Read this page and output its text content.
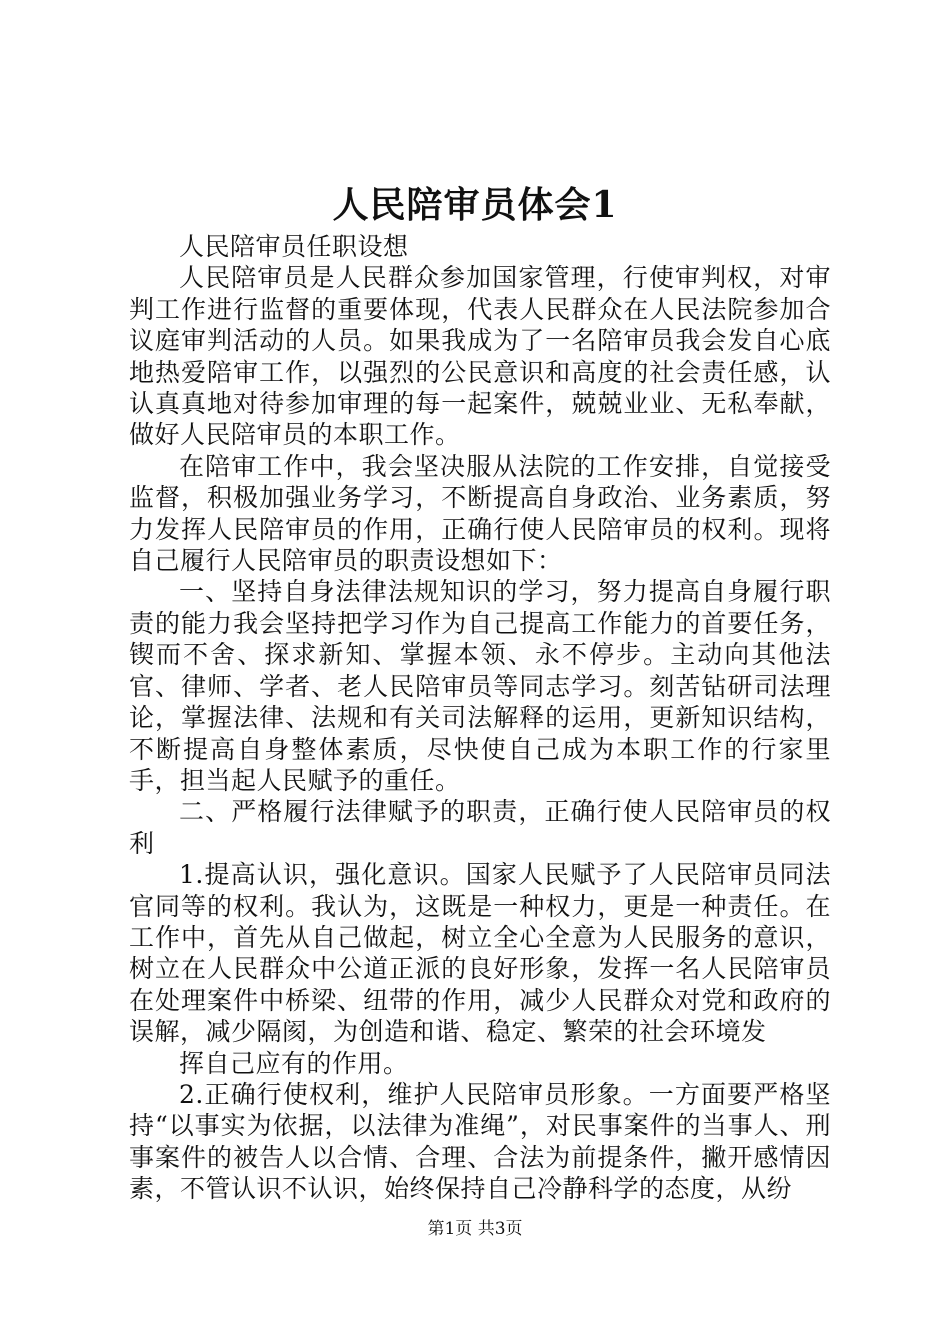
人民陪审员体会1

人民陪审员任职设想

人民陪审员是人民群众参加国家管理，行使审判权，对审判工作进行监督的重要体现，代表人民群众在人民法院参加合议庭审判活动的人员。如果我成为了一名陪审员我会发自心底地热爱陪审工作，以强烈的公民意识和高度的社会责任感，认认真真地对待参加审理的每一起案件，兢兢业业、无私奉献，做好人民陪审员的本职工作。

在陪审工作中，我会坚决服从法院的工作安排，自觉接受监督，积极加强业务学习，不断提高自身政治、业务素质，努力发挥人民陪审员的作用，正确行使人民陪审员的权利。现将自己履行人民陪审员的职责设想如下：

一、坚持自身法律法规知识的学习，努力提高自身履行职责的能力我会坚持把学习作为自己提高工作能力的首要任务，锲而不舍、探求新知、掌握本领、永不停步。主动向其他法官、律师、学者、老人民陪审员等同志学习。刻苦钻研司法理论，掌握法律、法规和有关司法解释的运用，更新知识结构，不断提高自身整体素质，尽快使自己成为本职工作的行家里手，担当起人民赋予的重任。

二、严格履行法律赋予的职责，正确行使人民陪审员的权利

1.提高认识，强化意识。国家人民赋予了人民陪审员同法官同等的权利。我认为，这既是一种权力，更是一种责任。在工作中，首先从自己做起，树立全心全意为人民服务的意识，树立在人民群众中公道正派的良好形象，发挥一名人民陪审员在处理案件中桥梁、纽带的作用，减少人民群众对党和政府的误解，减少隔阂，为创造和谐、稳定、繁荣的社会环境发

挥自己应有的作用。

2.正确行使权利，维护人民陪审员形象。一方面要严格坚持“以事实为依据，以法律为准绳”，对民事案件的当事人、刑事案件的被告人以合情、合理、合法为前提条件，撇开感情因素，不管认识不认识，始终保持自己冷静科学的态度，从纷

第1页 共3页
